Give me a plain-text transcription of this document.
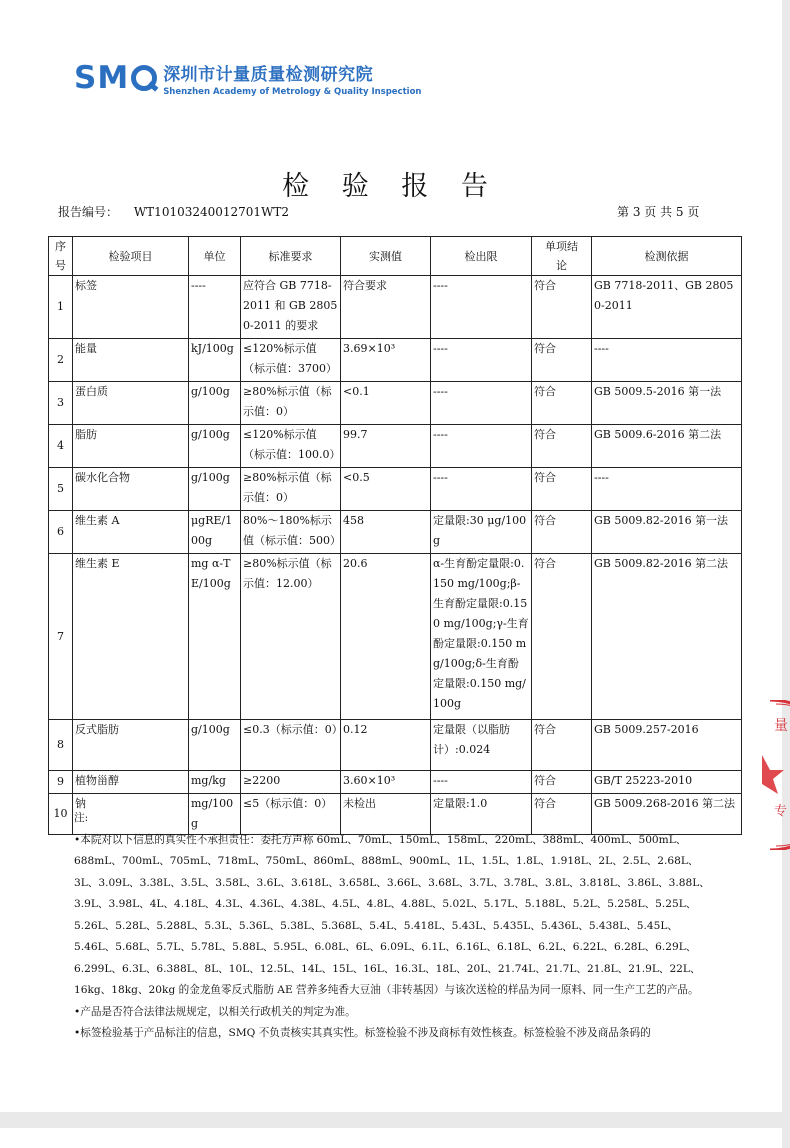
SM 深圳市计量质量检测研究院
Shenzhen Academy of Metrology & Quality Inspection
检 验 报 告
报告编号： WT10103240012701WT2	第 3 页 共 5 页
序号	检验项目	单位	标准要求	实测值	检出限	单项结论	检测依据
1	标签	----	应符合 GB 7718-2011 和 GB 28050-2011 的要求	符合要求	----	符合	GB 7718-2011、GB 28050-2011
2	能量	kJ/100g	≤120%标示值（标示值：3700）	3.69×10³	----	符合	----
3	蛋白质	g/100g	≥80%标示值（标示值：0）	<0.1	----	符合	GB 5009.5-2016 第一法
4	脂肪	g/100g	≤120%标示值（标示值：100.0）	99.7	----	符合	GB 5009.6-2016 第二法
5	碳水化合物	g/100g	≥80%标示值（标示值：0）	<0.5	----	符合	----
6	维生素 A	μgRE/100g	80%～180%标示值（标示值：500）	458	定量限:30 μg/100g	符合	GB 5009.82-2016 第一法
7	维生素 E	mg α-TE/100g	≥80%标示值（标示值：12.00）	20.6	α-生育酚定量限:0.150 mg/100g;β-生育酚定量限:0.150 mg/100g;γ-生育酚定量限:0.150 mg/100g;δ-生育酚定量限:0.150 mg/100g	符合	GB 5009.82-2016 第二法
8	反式脂肪	g/100g	≤0.3（标示值：0）	0.12	定量限（以脂肪计）:0.024	符合	GB 5009.257-2016
9	植物甾醇	mg/kg	≥2200	3.60×10³	----	符合	GB/T 25223-2010
10	钠	mg/100g	≤5（标示值：0）	未检出	定量限:1.0	符合	GB 5009.268-2016 第二法

注:

•本院对以下信息的真实性不承担责任：委托方声称 60mL、70mL、150mL、158mL、220mL、388mL、400mL、500mL、688mL、700mL、705mL、718mL、750mL、860mL、888mL、900mL、1L、1.5L、1.8L、1.918L、2L、2.5L、2.68L、3L、3.09L、3.38L、3.5L、3.58L、3.6L、3.618L、3.658L、3.66L、3.68L、3.7L、3.78L、3.8L、3.818L、3.86L、3.88L、3.9L、3.98L、4L、4.18L、4.3L、4.36L、4.38L、4.5L、4.8L、4.88L、5.02L、5.17L、5.188L、5.2L、5.258L、5.25L、5.26L、5.28L、5.288L、5.3L、5.36L、5.38L、5.368L、5.4L、5.418L、5.43L、5.435L、5.436L、5.438L、5.45L、5.46L、5.68L、5.7L、5.78L、5.88L、5.95L、6.08L、6L、6.09L、6.1L、6.16L、6.18L、6.2L、6.22L、6.28L、6.29L、6.299L、6.3L、6.388L、8L、10L、12.5L、14L、15L、16L、16.3L、18L、20L、21.74L、21.7L、21.8L、21.9L、22L、16kg、18kg、20kg 的金龙鱼零反式脂肪 AE 营养多纯香大豆油（非转基因）与该次送检的样品为同一原料、同一生产工艺的产品。

•产品是否符合法律法规规定，以相关行政机关的判定为准。

•标签检验基于产品标注的信息，SMQ 不负责核实其真实性。标签检验不涉及商标有效性核查。标签检验不涉及商品条码的

量
专
